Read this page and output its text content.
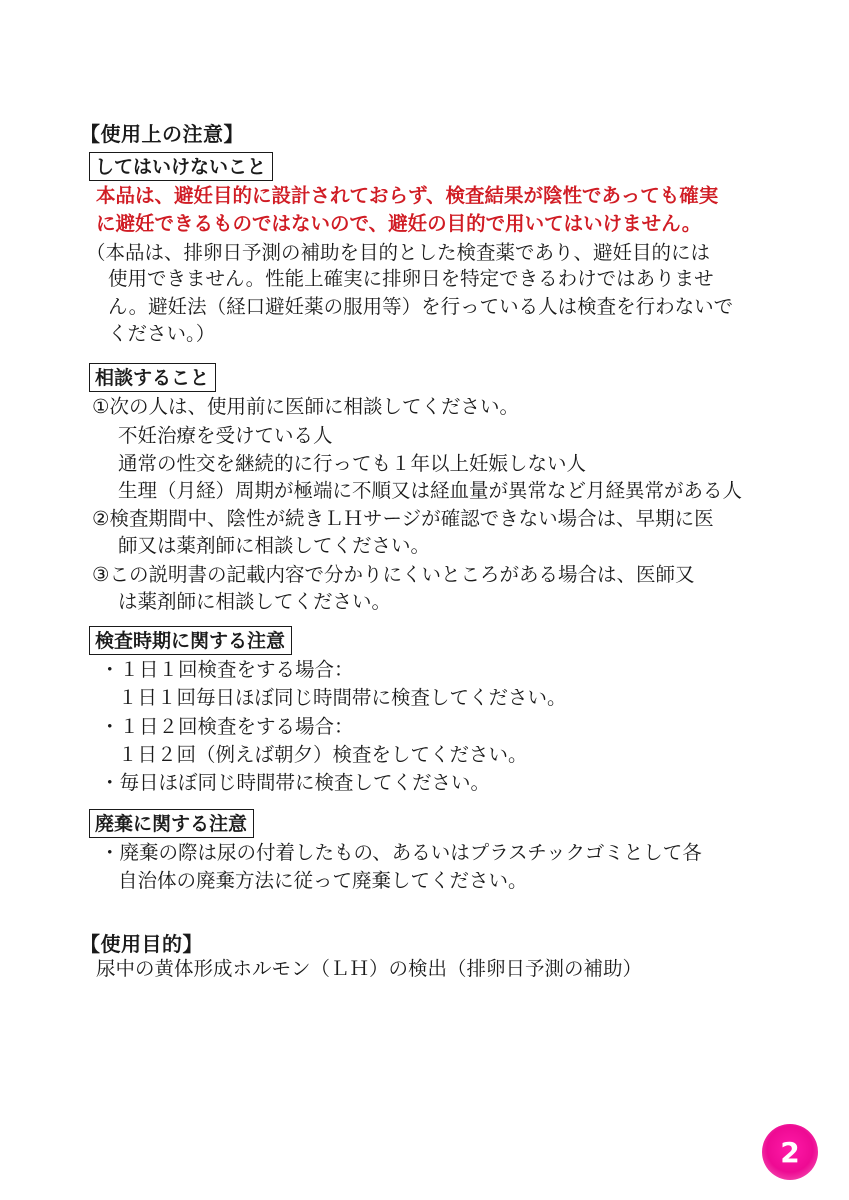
【使用上の注意】
してはいけないこと
本品は、避妊目的に設計されておらず、検査結果が陰性であっても確実
に避妊できるものではないので、避妊の目的で用いてはいけません。
（本品は、排卵日予測の補助を目的とした検査薬であり、避妊目的には
使用できません。性能上確実に排卵日を特定できるわけではありませ
ん。避妊法（経口避妊薬の服用等）を行っている人は検査を行わないで
ください。）
相談すること
①次の人は、使用前に医師に相談してください。
不妊治療を受けている人
通常の性交を継続的に行っても１年以上妊娠しない人
生理（月経）周期が極端に不順又は経血量が異常など月経異常がある人
②検査期間中、陰性が続きＬＨサージが確認できない場合は、早期に医
師又は薬剤師に相談してください。
③この説明書の記載内容で分かりにくいところがある場合は、医師又
は薬剤師に相談してください。
検査時期に関する注意
・１日１回検査をする場合：
１日１回毎日ほぼ同じ時間帯に検査してください。
・１日２回検査をする場合：
１日２回（例えば朝夕）検査をしてください。
・毎日ほぼ同じ時間帯に検査してください。
廃棄に関する注意
・廃棄の際は尿の付着したもの、あるいはプラスチックゴミとして各
自治体の廃棄方法に従って廃棄してください。
【使用目的】
尿中の黄体形成ホルモン（ＬＨ）の検出（排卵日予測の補助）
2
